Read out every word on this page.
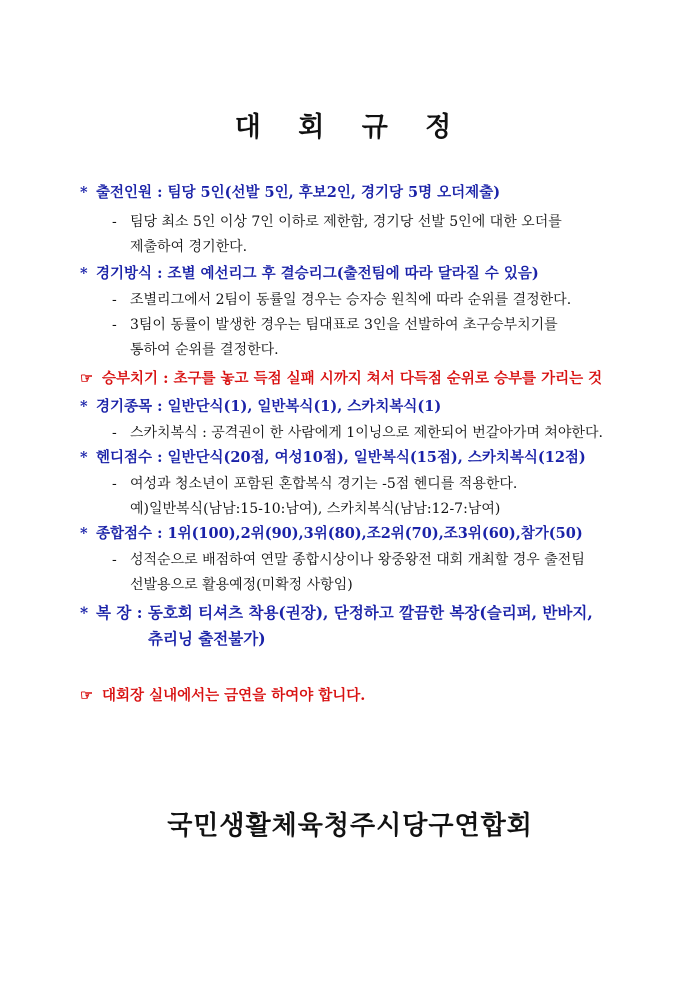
대 회 규 정
* 출전인원 : 팀당 5인(선발 5인, 후보2인, 경기당 5명 오더제출)
- 팀당 최소 5인 이상 7인 이하로 제한함, 경기당 선발 5인에 대한 오더를
제출하여 경기한다.
* 경기방식 : 조별 예선리그 후 결승리그(출전팀에 따라 달라질 수 있음)
- 조별리그에서 2팀이 동률일 경우는 승자승 원칙에 따라 순위를 결정한다.
- 3팀이 동률이 발생한 경우는 팀대표로 3인을 선발하여 초구승부치기를
통하여 순위를 결정한다.
☞ 승부치기 : 초구를 놓고 득점 실패 시까지 쳐서 다득점 순위로 승부를 가리는 것
* 경기종목 : 일반단식(1), 일반복식(1), 스카치복식(1)
- 스카치복식 : 공격권이 한 사람에게 1이닝으로 제한되어 번갈아가며 쳐야한다.
* 헨디점수 : 일반단식(20점, 여성10점), 일반복식(15점), 스카치복식(12점)
- 여성과 청소년이 포함된 혼합복식 경기는 -5점 헨디를 적용한다.
예)일반복식(남남:15-10:남여), 스카치복식(남남:12-7:남여)
* 종합점수 : 1위(100),2위(90),3위(80),조2위(70),조3위(60),참가(50)
- 성적순으로 배점하여 연말 종합시상이나 왕중왕전 대회 개최할 경우 출전팀
선발용으로 활용예정(미확정 사항임)
* 복 장 : 동호회 티셔츠 착용(권장), 단정하고 깔끔한 복장(슬리퍼, 반바지,
츄리닝 출전불가)
☞ 대회장 실내에서는 금연을 하여야 합니다.
국민생활체육청주시당구연합회
